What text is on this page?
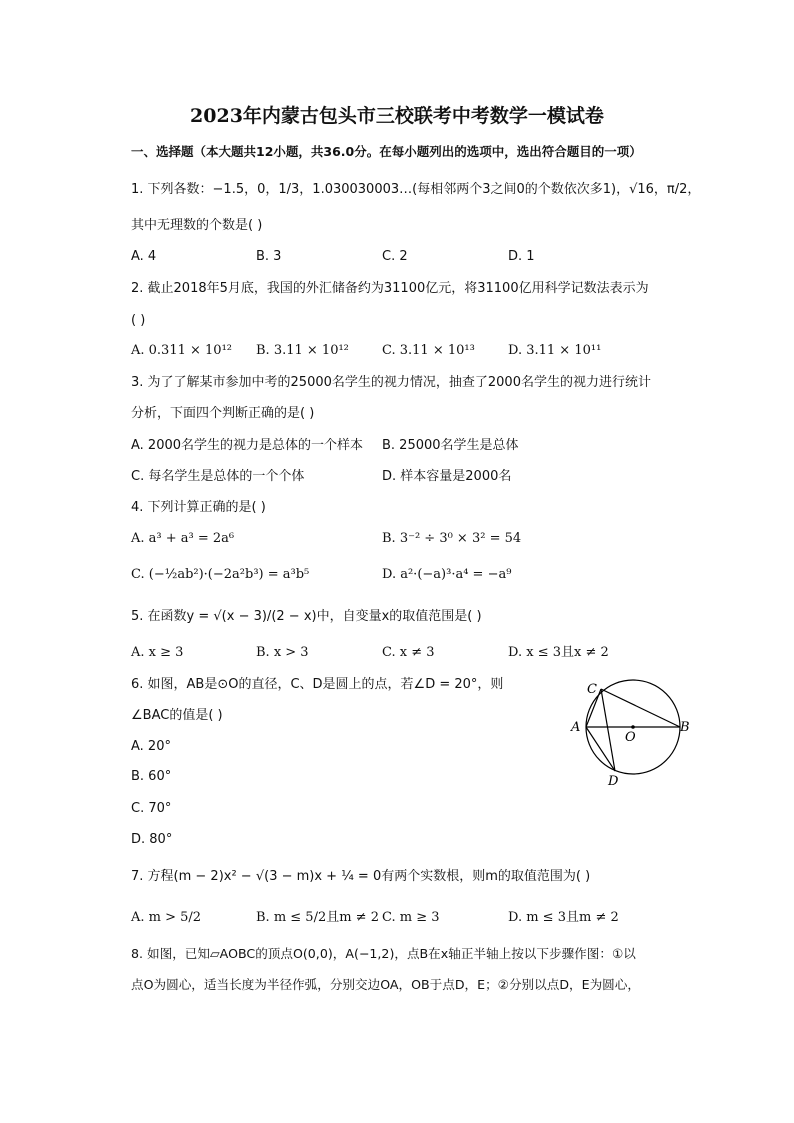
2023年内蒙古包头市三校联考中考数学一模试卷
一、选择题（本大题共12小题，共36.0分。在每小题列出的选项中，选出符合题目的一项）
1. 下列各数：−1.5，0，1/3，1.030030003…(每相邻两个3之间0的个数依次多1)，√16，π/2，
其中无理数的个数是( )
A. 4	B. 3	C. 2	D. 1
2. 截止2018年5月底，我国的外汇储备约为31100亿元，将31100亿用科学记数法表示为
( )
A. 0.311 × 10¹² B. 3.11 × 10¹²	C. 3.11 × 10¹³	D. 3.11 × 10¹¹
3. 为了了解某市参加中考的25000名学生的视力情况，抽查了2000名学生的视力进行统计
分析，下面四个判断正确的是( )
A. 2000名学生的视力是总体的一个样本 B. 25000名学生是总体
C. 每名学生是总体的一个个体	D. 样本容量是2000名
4. 下列计算正确的是( )
A. a³ + a³ = 2a⁶	B. 3⁻² ÷ 3⁰ × 3² = 54
C. (−½ab²)·(−2a²b³) = a³b⁵	D. a²·(−a)³·a⁴ = −a⁹
5. 在函数y = √(x − 3)/(2 − x)中，自变量x的取值范围是( )
A. x ≥ 3	B. x > 3	C. x ≠ 3	D. x ≤ 3且x ≠ 2
6. 如图，AB是⊙O的直径，C、D是圆上的点，若∠D = 20°，则
∠BAC的值是( )
A. 20°
B. 60°
C. 70°
D. 80°
A	B
C
D
O
7. 方程(m − 2)x² − √(3 − m)x + ¼ = 0有两个实数根，则m的取值范围为( )
A. m > 5/2	B. m ≤ 5/2且m ≠ 2 C. m ≥ 3	D. m ≤ 3且m ≠ 2
8. 如图，已知▱AOBC的顶点O(0,0)，A(−1,2)，点B在x轴正半轴上按以下步骤作图：①以
点O为圆心，适当长度为半径作弧，分别交边OA，OB于点D，E；②分别以点D，E为圆心，
